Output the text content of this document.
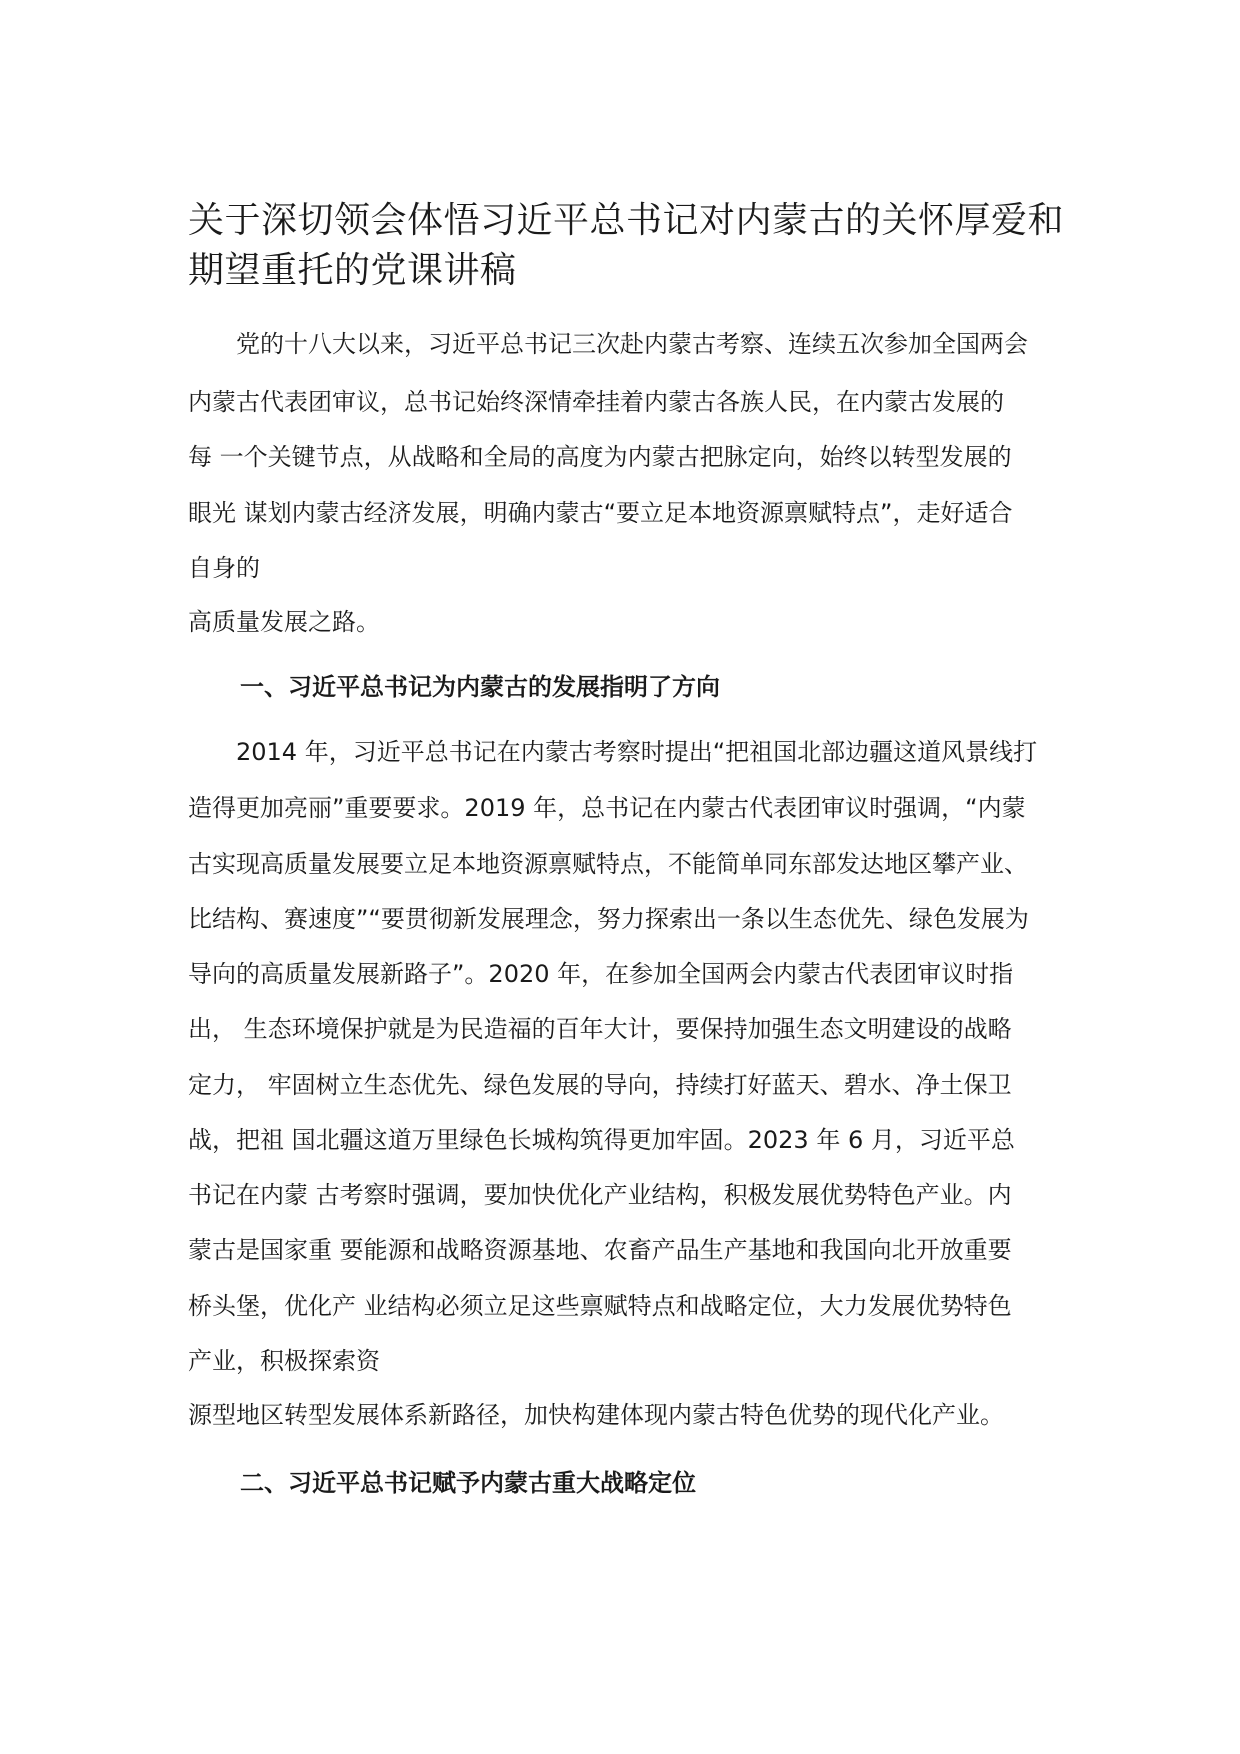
关于深切领会体悟习近平总书记对内蒙古的关怀厚爱和期望重托的党课讲稿

　　党的十八大以来，习近平总书记三次赴内蒙古考察、连续五次参加全国两会

内蒙古代表团审议，总书记始终深情牵挂着内蒙古各族人民，在内蒙古发展的

每 一个关键节点，从战略和全局的高度为内蒙古把脉定向，始终以转型发展的

眼光 谋划内蒙古经济发展，明确内蒙古“要立足本地资源禀赋特点”，走好适合

自身的

高质量发展之路。

一、习近平总书记为内蒙古的发展指明了方向

　　2014 年，习近平总书记在内蒙古考察时提出“把祖国北部边疆这道风景线打

造得更加亮丽”重要要求。2019 年，总书记在内蒙古代表团审议时强调，“内蒙

古实现高质量发展要立足本地资源禀赋特点，不能简单同东部发达地区攀产业、

比结构、赛速度”“要贯彻新发展理念，努力探索出一条以生态优先、绿色发展为

导向的高质量发展新路子”。2020 年，在参加全国两会内蒙古代表团审议时指

出， 生态环境保护就是为民造福的百年大计，要保持加强生态文明建设的战略

定力， 牢固树立生态优先、绿色发展的导向，持续打好蓝天、碧水、净土保卫

战，把祖 国北疆这道万里绿色长城构筑得更加牢固。2023 年 6 月，习近平总

书记在内蒙 古考察时强调，要加快优化产业结构，积极发展优势特色产业。内

蒙古是国家重 要能源和战略资源基地、农畜产品生产基地和我国向北开放重要

桥头堡，优化产 业结构必须立足这些禀赋特点和战略定位，大力发展优势特色

产业，积极探索资

源型地区转型发展体系新路径，加快构建体现内蒙古特色优势的现代化产业。

二、习近平总书记赋予内蒙古重大战略定位
